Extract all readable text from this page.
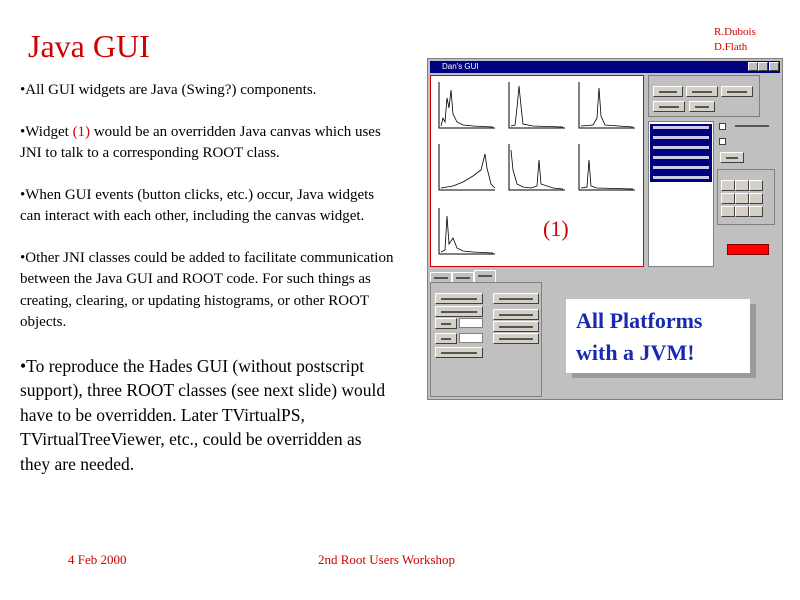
Java GUI	R.Dubois
D.Flath

•All GUI widgets are Java (Swing?) components.

•Widget (1) would be an overridden Java canvas which uses JNI to talk to a corresponding ROOT class.

•When GUI events (button clicks, etc.) occur, Java widgets can interact with each other, including the canvas widget.

•Other JNI classes could be added to facilitate communication between the Java GUI and ROOT code. For such things as creating, clearing, or updating histograms, or other ROOT objects.

•To reproduce the Hades GUI (without postscript support), three ROOT classes (see next slide) would have to be overridden. Later TVirtualPS, TVirtualTreeViewer, etc., could be overridden as they are needed.

Dan's GUI
(1)
All Platforms
with a JVM!
4 Feb 2000	2nd Root Users Workshop
